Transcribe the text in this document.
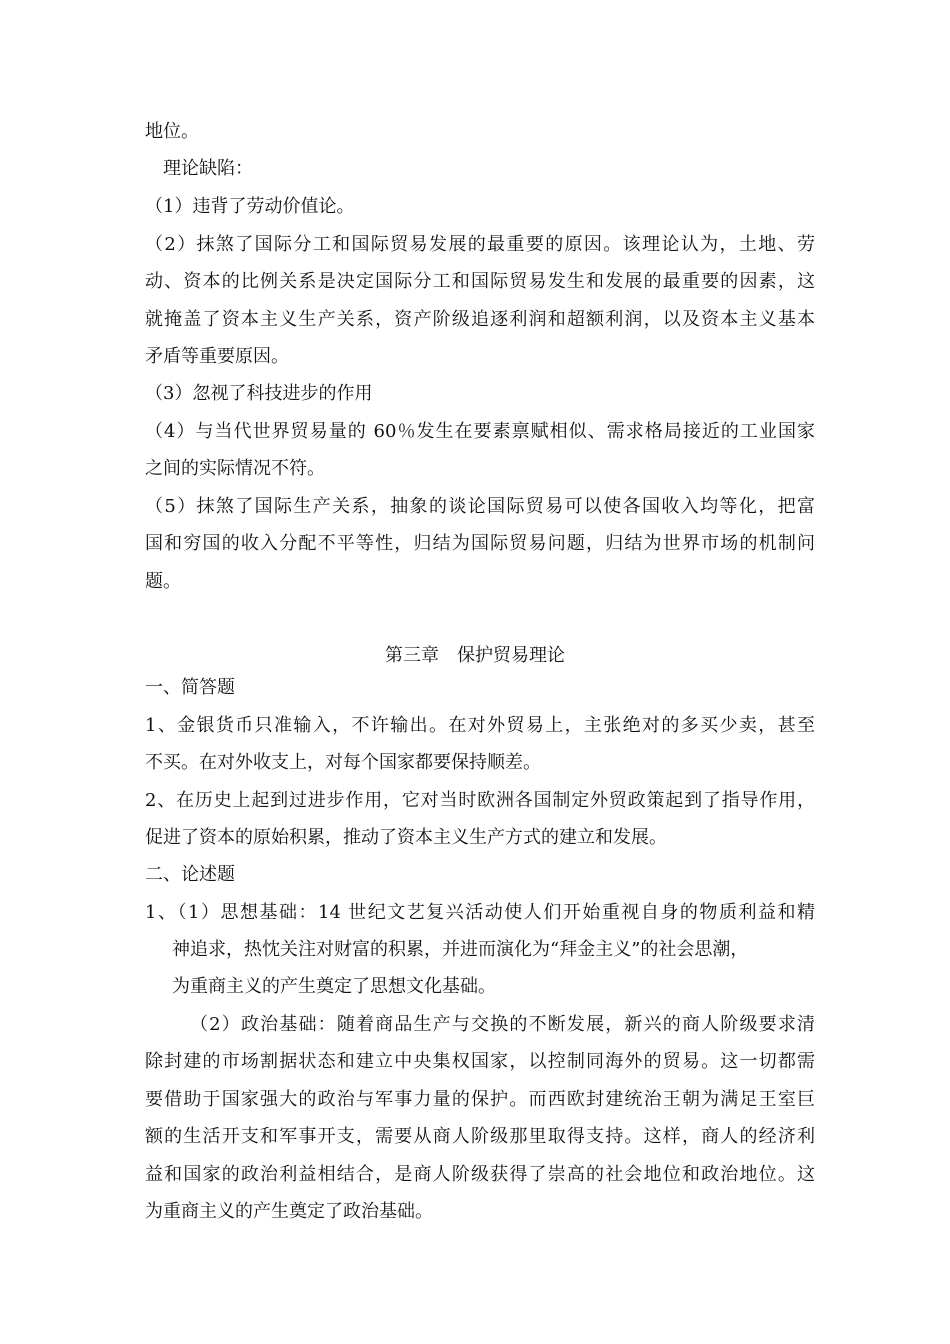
地位。
理论缺陷：
（1）违背了劳动价值论。
（2）抹煞了国际分工和国际贸易发展的最重要的原因。该理论认为，土地、劳
动、资本的比例关系是决定国际分工和国际贸易发生和发展的最重要的因素，这
就掩盖了资本主义生产关系，资产阶级追逐利润和超额利润，以及资本主义基本
矛盾等重要原因。
（3）忽视了科技进步的作用
（4）与当代世界贸易量的 60％发生在要素禀赋相似、需求格局接近的工业国家
之间的实际情况不符。
（5）抹煞了国际生产关系，抽象的谈论国际贸易可以使各国收入均等化，把富
国和穷国的收入分配不平等性，归结为国际贸易问题，归结为世界市场的机制问
题。
第三章　保护贸易理论
一、简答题
1、金银货币只准输入，不许输出。在对外贸易上，主张绝对的多买少卖，甚至
不买。在对外收支上，对每个国家都要保持顺差。
2、在历史上起到过进步作用，它对当时欧洲各国制定外贸政策起到了指导作用，
促进了资本的原始积累，推动了资本主义生产方式的建立和发展。
二、论述题
1、（1）思想基础：14 世纪文艺复兴活动使人们开始重视自身的物质利益和精
神追求，热忱关注对财富的积累，并进而演化为“拜金主义”的社会思潮，
为重商主义的产生奠定了思想文化基础。
（2）政治基础：随着商品生产与交换的不断发展，新兴的商人阶级要求清
除封建的市场割据状态和建立中央集权国家，以控制同海外的贸易。这一切都需
要借助于国家强大的政治与军事力量的保护。而西欧封建统治王朝为满足王室巨
额的生活开支和军事开支，需要从商人阶级那里取得支持。这样，商人的经济利
益和国家的政治利益相结合，是商人阶级获得了崇高的社会地位和政治地位。这
为重商主义的产生奠定了政治基础。
